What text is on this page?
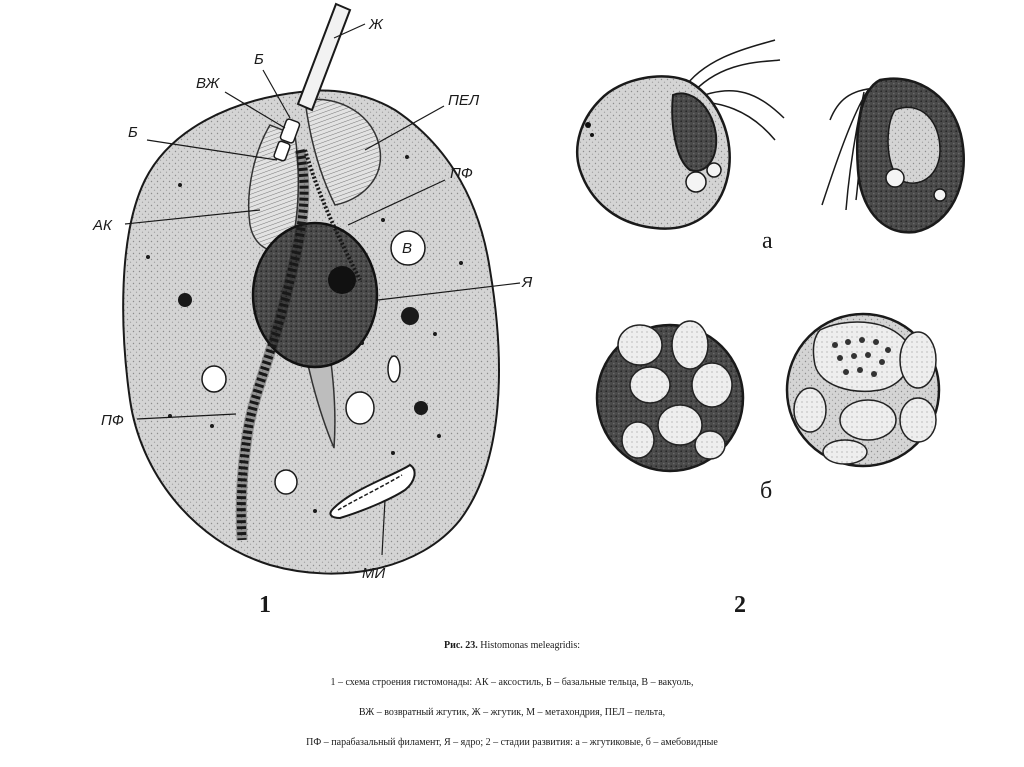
Ж
ВЖ
Б
Б
ПЕЛ
АК
ПФ
В
Я
ПФ
МИ
1
а
б
2
Рис. 23. Histomonas meleagridis:
1 – схема строения гистомонады: АК – аксостиль, Б – базальные тельца, В – вакуоль,
ВЖ – возвратный жгутик, Ж – жгутик, М – метахондрия, ПЕЛ – пельта,
ПФ – парабазальный филамент, Я – ядро; 2 – стадии развития: а – жгутиковые, б – амебовидные
